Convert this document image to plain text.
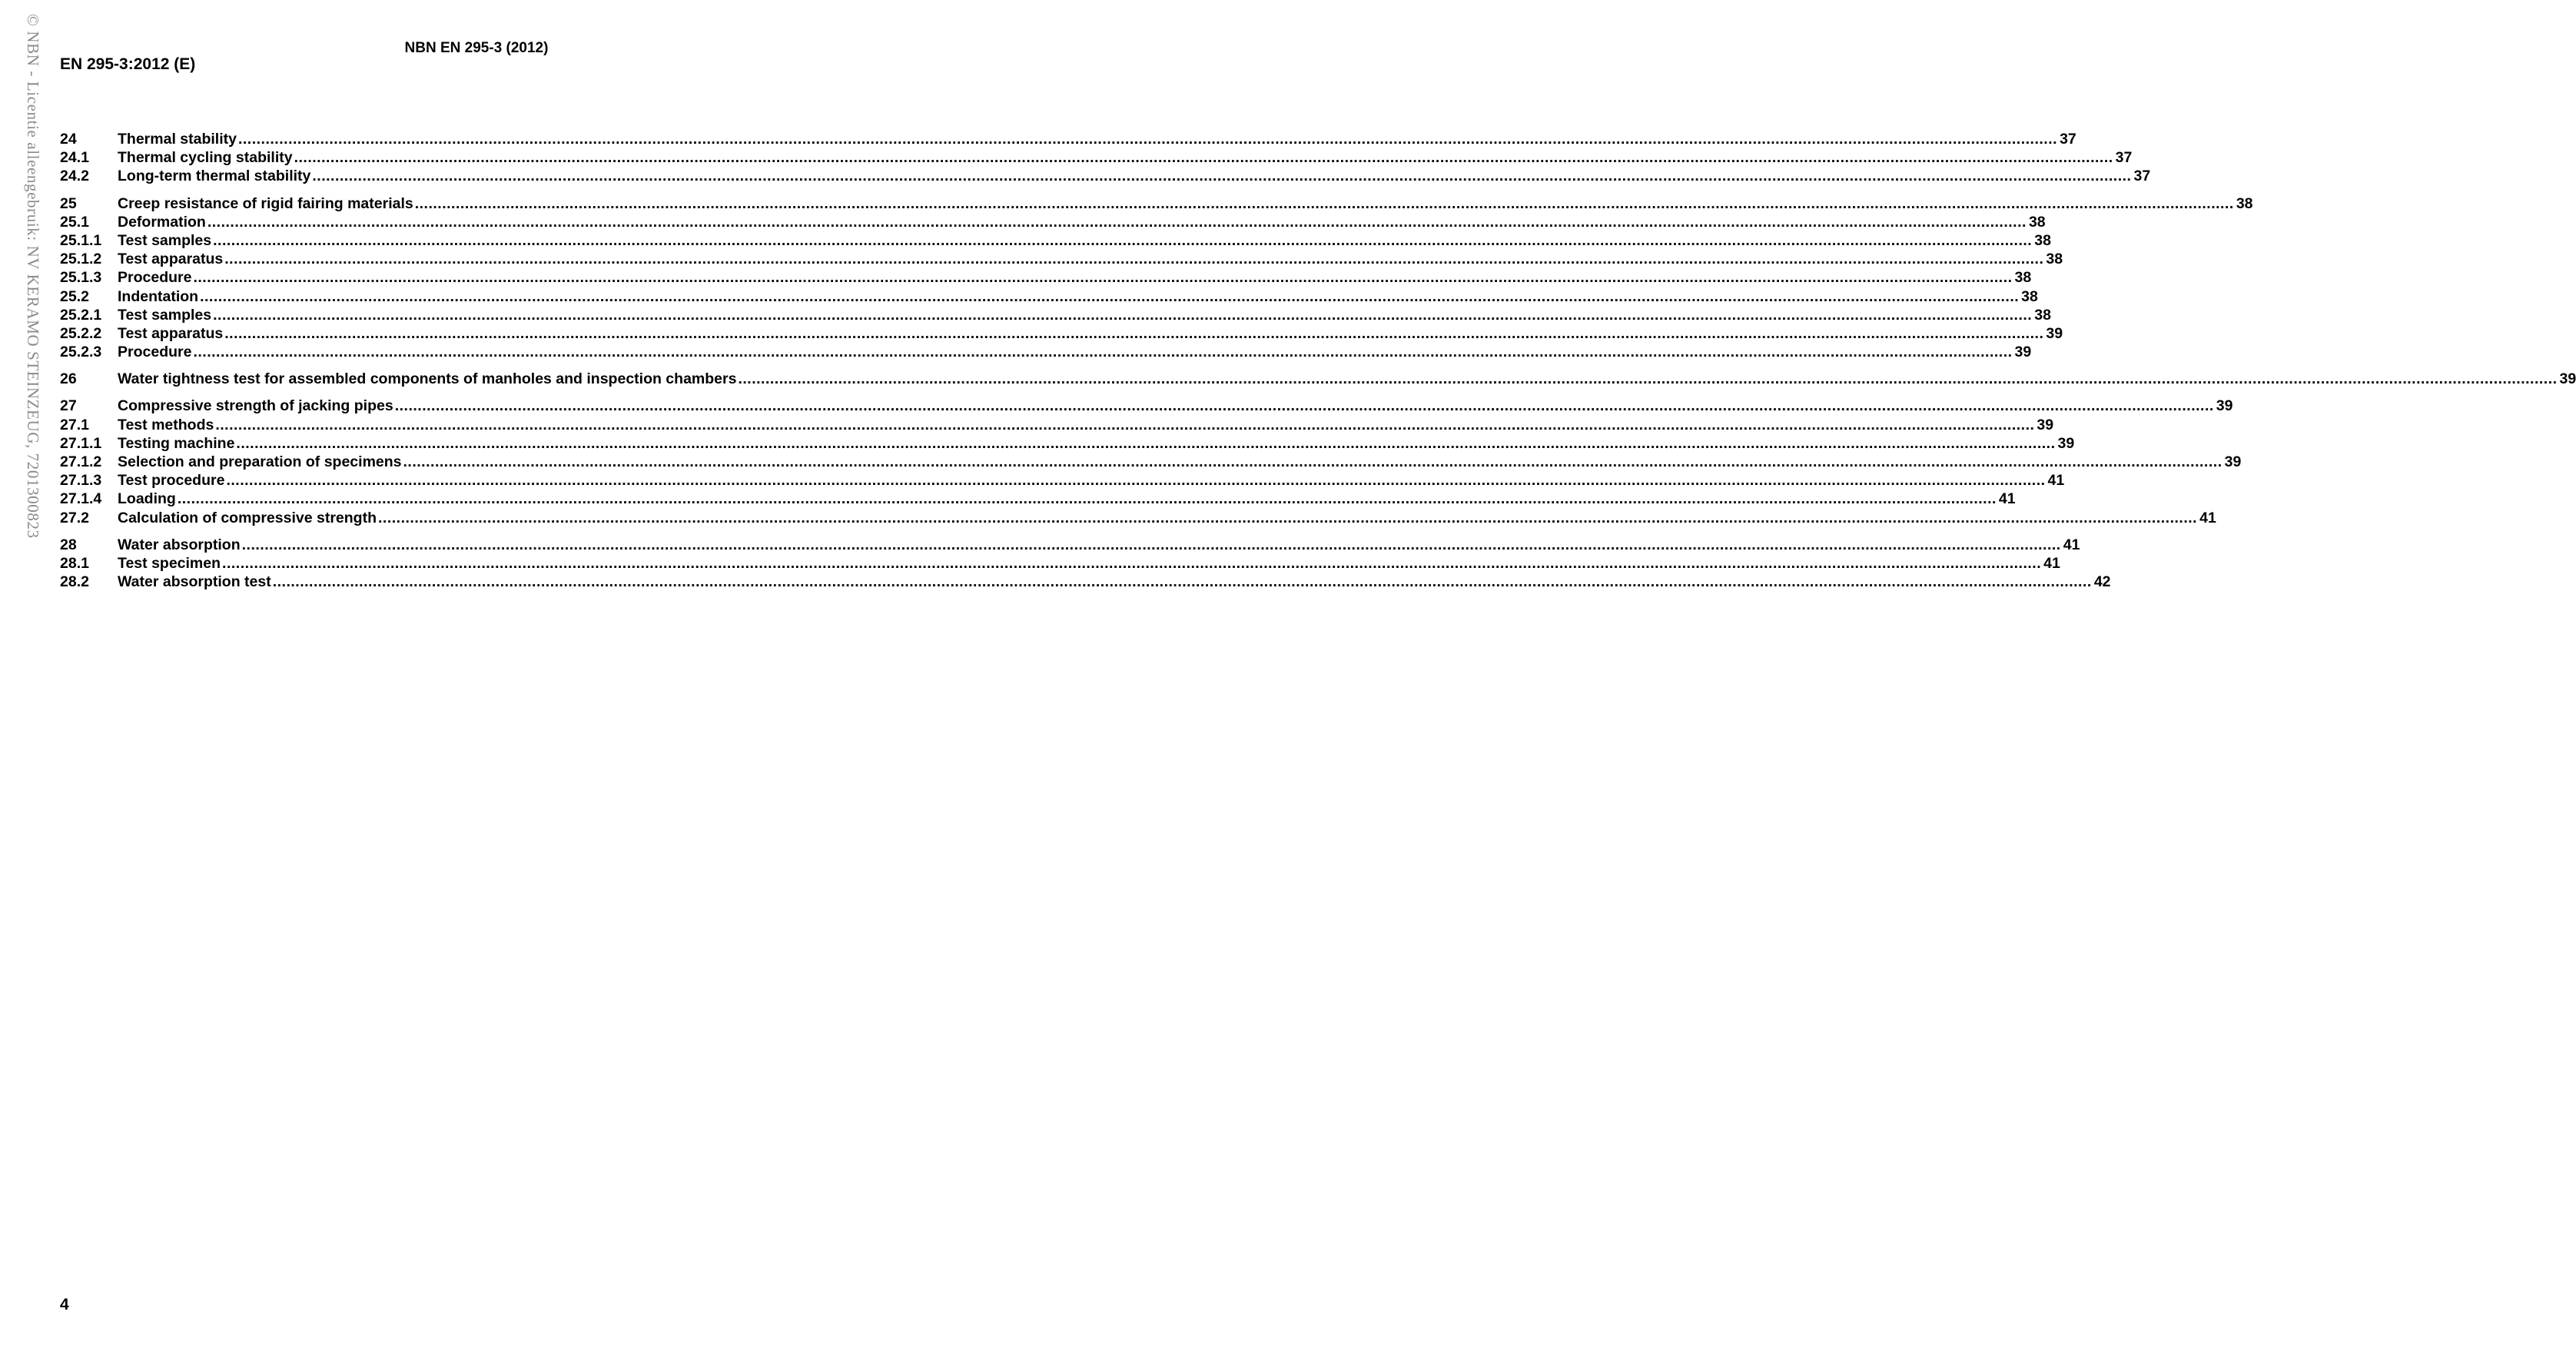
© NBN - Licentie alleengebruik: NV KERAMO STEINZEUG, 7201300823	NBN EN 295-3 (2012)
EN 295-3:2012 (E)
24	Thermal stability ................................................................................................................................................................................................................................................................................................................................................................................................................ 37
24.1	Thermal cycling stability ................................................................................................................................................................................................................................................................................................................................................................................................................ 37
24.2	Long-term thermal stability ................................................................................................................................................................................................................................................................................................................................................................................................................ 37
25	Creep resistance of rigid fairing materials ................................................................................................................................................................................................................................................................................................................................................................................................................ 38
25.1	Deformation ................................................................................................................................................................................................................................................................................................................................................................................................................ 38
25.1.1	Test samples ................................................................................................................................................................................................................................................................................................................................................................................................................ 38
25.1.2	Test apparatus ................................................................................................................................................................................................................................................................................................................................................................................................................ 38
25.1.3	Procedure ................................................................................................................................................................................................................................................................................................................................................................................................................ 38
25.2	Indentation ................................................................................................................................................................................................................................................................................................................................................................................................................ 38
25.2.1	Test samples ................................................................................................................................................................................................................................................................................................................................................................................................................ 38
25.2.2	Test apparatus ................................................................................................................................................................................................................................................................................................................................................................................................................ 39
25.2.3	Procedure ................................................................................................................................................................................................................................................................................................................................................................................................................ 39
26	Water tightness test for assembled components of manholes and inspection chambers ................................................................................................................................................................................................................................................................................................................................................................................................................ 39
27	Compressive strength of jacking pipes ................................................................................................................................................................................................................................................................................................................................................................................................................ 39
27.1	Test methods ................................................................................................................................................................................................................................................................................................................................................................................................................ 39
27.1.1	Testing machine ................................................................................................................................................................................................................................................................................................................................................................................................................ 39
27.1.2	Selection and preparation of specimens ................................................................................................................................................................................................................................................................................................................................................................................................................ 39
27.1.3	Test procedure ................................................................................................................................................................................................................................................................................................................................................................................................................ 41
27.1.4	Loading ................................................................................................................................................................................................................................................................................................................................................................................................................ 41
27.2	Calculation of compressive strength ................................................................................................................................................................................................................................................................................................................................................................................................................ 41
28	Water absorption ................................................................................................................................................................................................................................................................................................................................................................................................................ 41
28.1	Test specimen ................................................................................................................................................................................................................................................................................................................................................................................................................ 41
28.2	Water absorption test ................................................................................................................................................................................................................................................................................................................................................................................................................ 42
4
